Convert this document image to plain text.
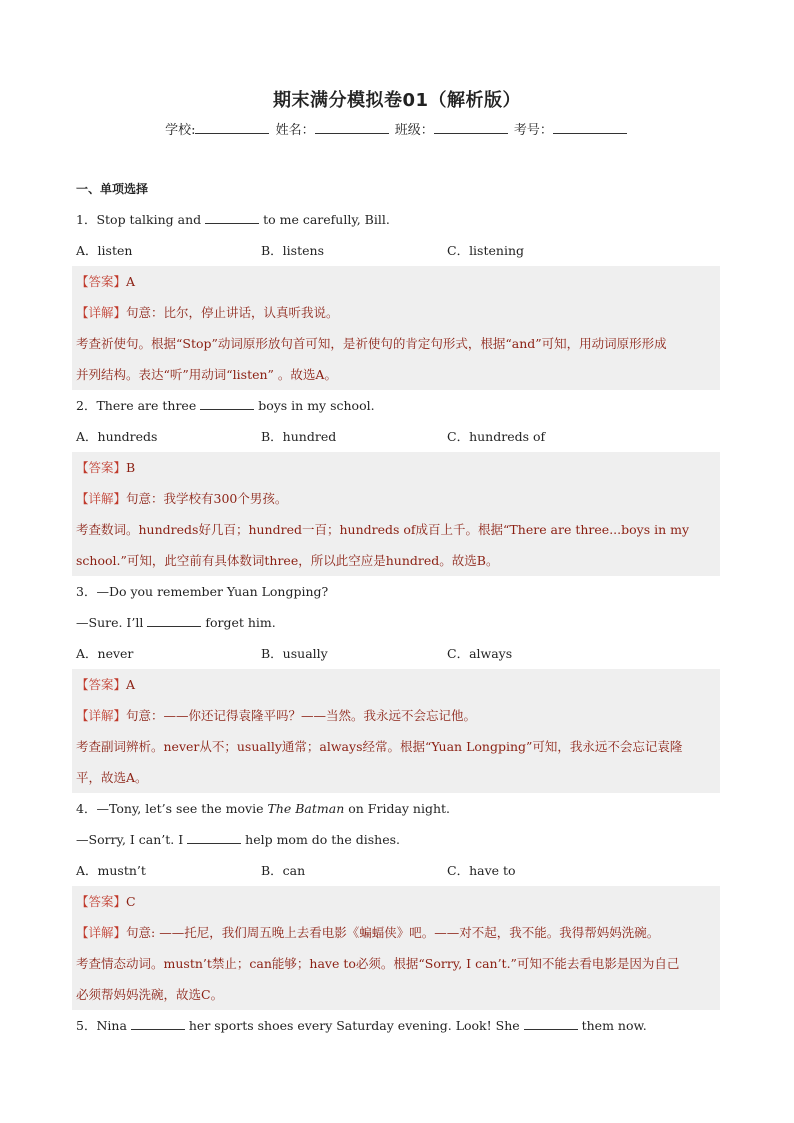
期末满分模拟卷01（解析版）
学校:	姓名：	班级：	考号：
一、单项选择
1．Stop talking and	to me carefully, Bill.
A．listen	B．listens	C．listening
【答案】A
【详解】句意：比尔，停止讲话，认真听我说。
考查祈使句。根据“Stop”动词原形放句首可知，是祈使句的肯定句形式，根据“and”可知，用动词原形形成
并列结构。表达“听”用动词“listen” 。故选A。
2．There are three	boys in my school.
A．hundreds	B．hundred	C．hundreds of
【答案】B
【详解】句意：我学校有300个男孩。
考查数词。hundreds好几百；hundred一百；hundreds of成百上千。根据“There are three...boys in my
school.”可知，此空前有具体数词three，所以此空应是hundred。故选B。
3．—Do you remember Yuan Longping?
—Sure. I’ll	forget him.
A．never	B．usually	C．always
【答案】A
【详解】句意：——你还记得袁隆平吗？——当然。我永远不会忘记他。
考查副词辨析。never从不；usually通常；always经常。根据“Yuan Longping”可知，我永远不会忘记袁隆
平，故选A。
4．—Tony, let’s see the movie The Batman on Friday night.
—Sorry, I can’t. I	help mom do the dishes.
A．mustn’t	B．can	C．have to
【答案】C
【详解】句意: ——托尼，我们周五晚上去看电影《蝙蝠侠》吧。——对不起，我不能。我得帮妈妈洗碗。
考查情态动词。mustn’t禁止；can能够；have to必须。根据“Sorry, I can’t.”可知不能去看电影是因为自己
必须帮妈妈洗碗，故选C。
5．Nina	her sports shoes every Saturday evening. Look! She	them now.
